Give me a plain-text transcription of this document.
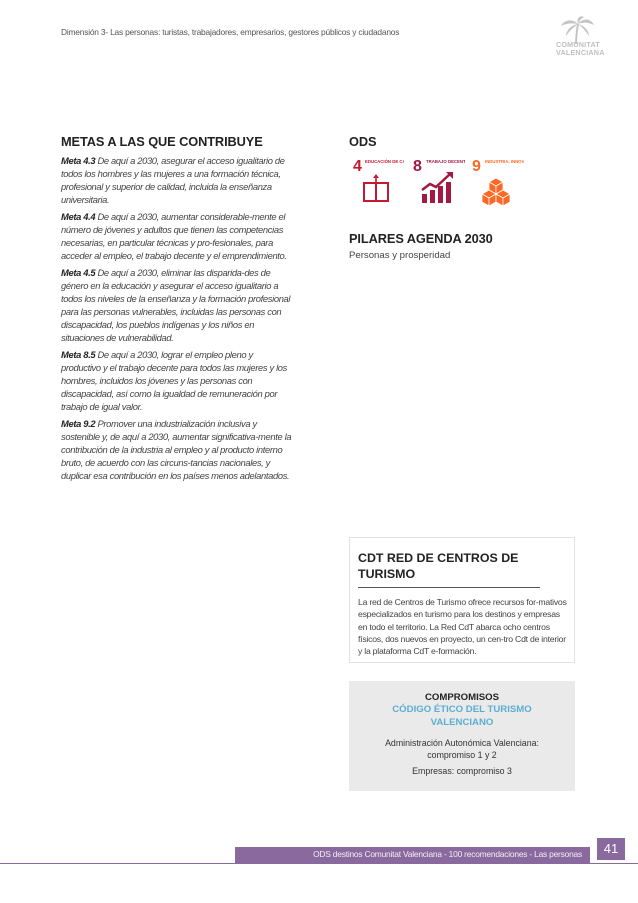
Dimensión 3- Las personas: turistas, trabajadores, empresarios, gestores públicos y ciudadanos
COMUNITAT
VALENCIANA
METAS A LAS QUE CONTRIBUYE

Meta 4.3 De aquí a 2030, asegurar el acceso igualitario de todos los hombres y las mujeres a una formación técnica, profesional y superior de calidad, incluida la enseñanza universitaria.

Meta 4.4 De aquí a 2030, aumentar considerable-mente el número de jóvenes y adultos que tienen las competencias necesarias, en particular técnicas y pro-fesionales, para acceder al empleo, el trabajo decente y el emprendimiento.

Meta 4.5 De aquí a 2030, eliminar las disparida-des de género en la educación y asegurar el acceso igualitario a todos los niveles de la enseñanza y la formación profesional para las personas vulnerables, incluidas las personas con discapacidad, los pueblos indígenas y los niños en situaciones de vulnerabilidad.

Meta 8.5 De aquí a 2030, lograr el empleo pleno y productivo y el trabajo decente para todos las mujeres y los hombres, incluidos los jóvenes y las personas con discapacidad, así como la igualdad de remuneración por trabajo de igual valor.

Meta 9.2 Promover una industrialización inclusiva y sostenible y, de aquí a 2030, aumentar significativa-mente la contribución de la industria al empleo y al producto interno bruto, de acuerdo con las circuns-tancias nacionales, y duplicar esa contribución en los países menos adelantados.

ODS
4 EDUCACIÓN DE C 8 TRABAJO DECENT 9 INDUSTRIA, INNOV
PILARES AGENDA 2030
Personas y prosperidad
CDT RED DE CENTROS DE TURISMO
La red de Centros de Turismo ofrece recursos for-mativos especializados en turismo para los destinos y empresas en todo el territorio. La Red CdT abarca ocho centros físicos, dos nuevos en proyecto, un cen-tro Cdt de interior y la plataforma CdT e-formación.
COMPROMISOS
CÓDIGO ÉTICO DEL TURISMO VALENCIANO
Administración Autonómica Valenciana: compromiso 1 y 2
Empresas: compromiso 3
ODS destinos Comunitat Valenciana - 100 recomendaciones - Las personas	41
